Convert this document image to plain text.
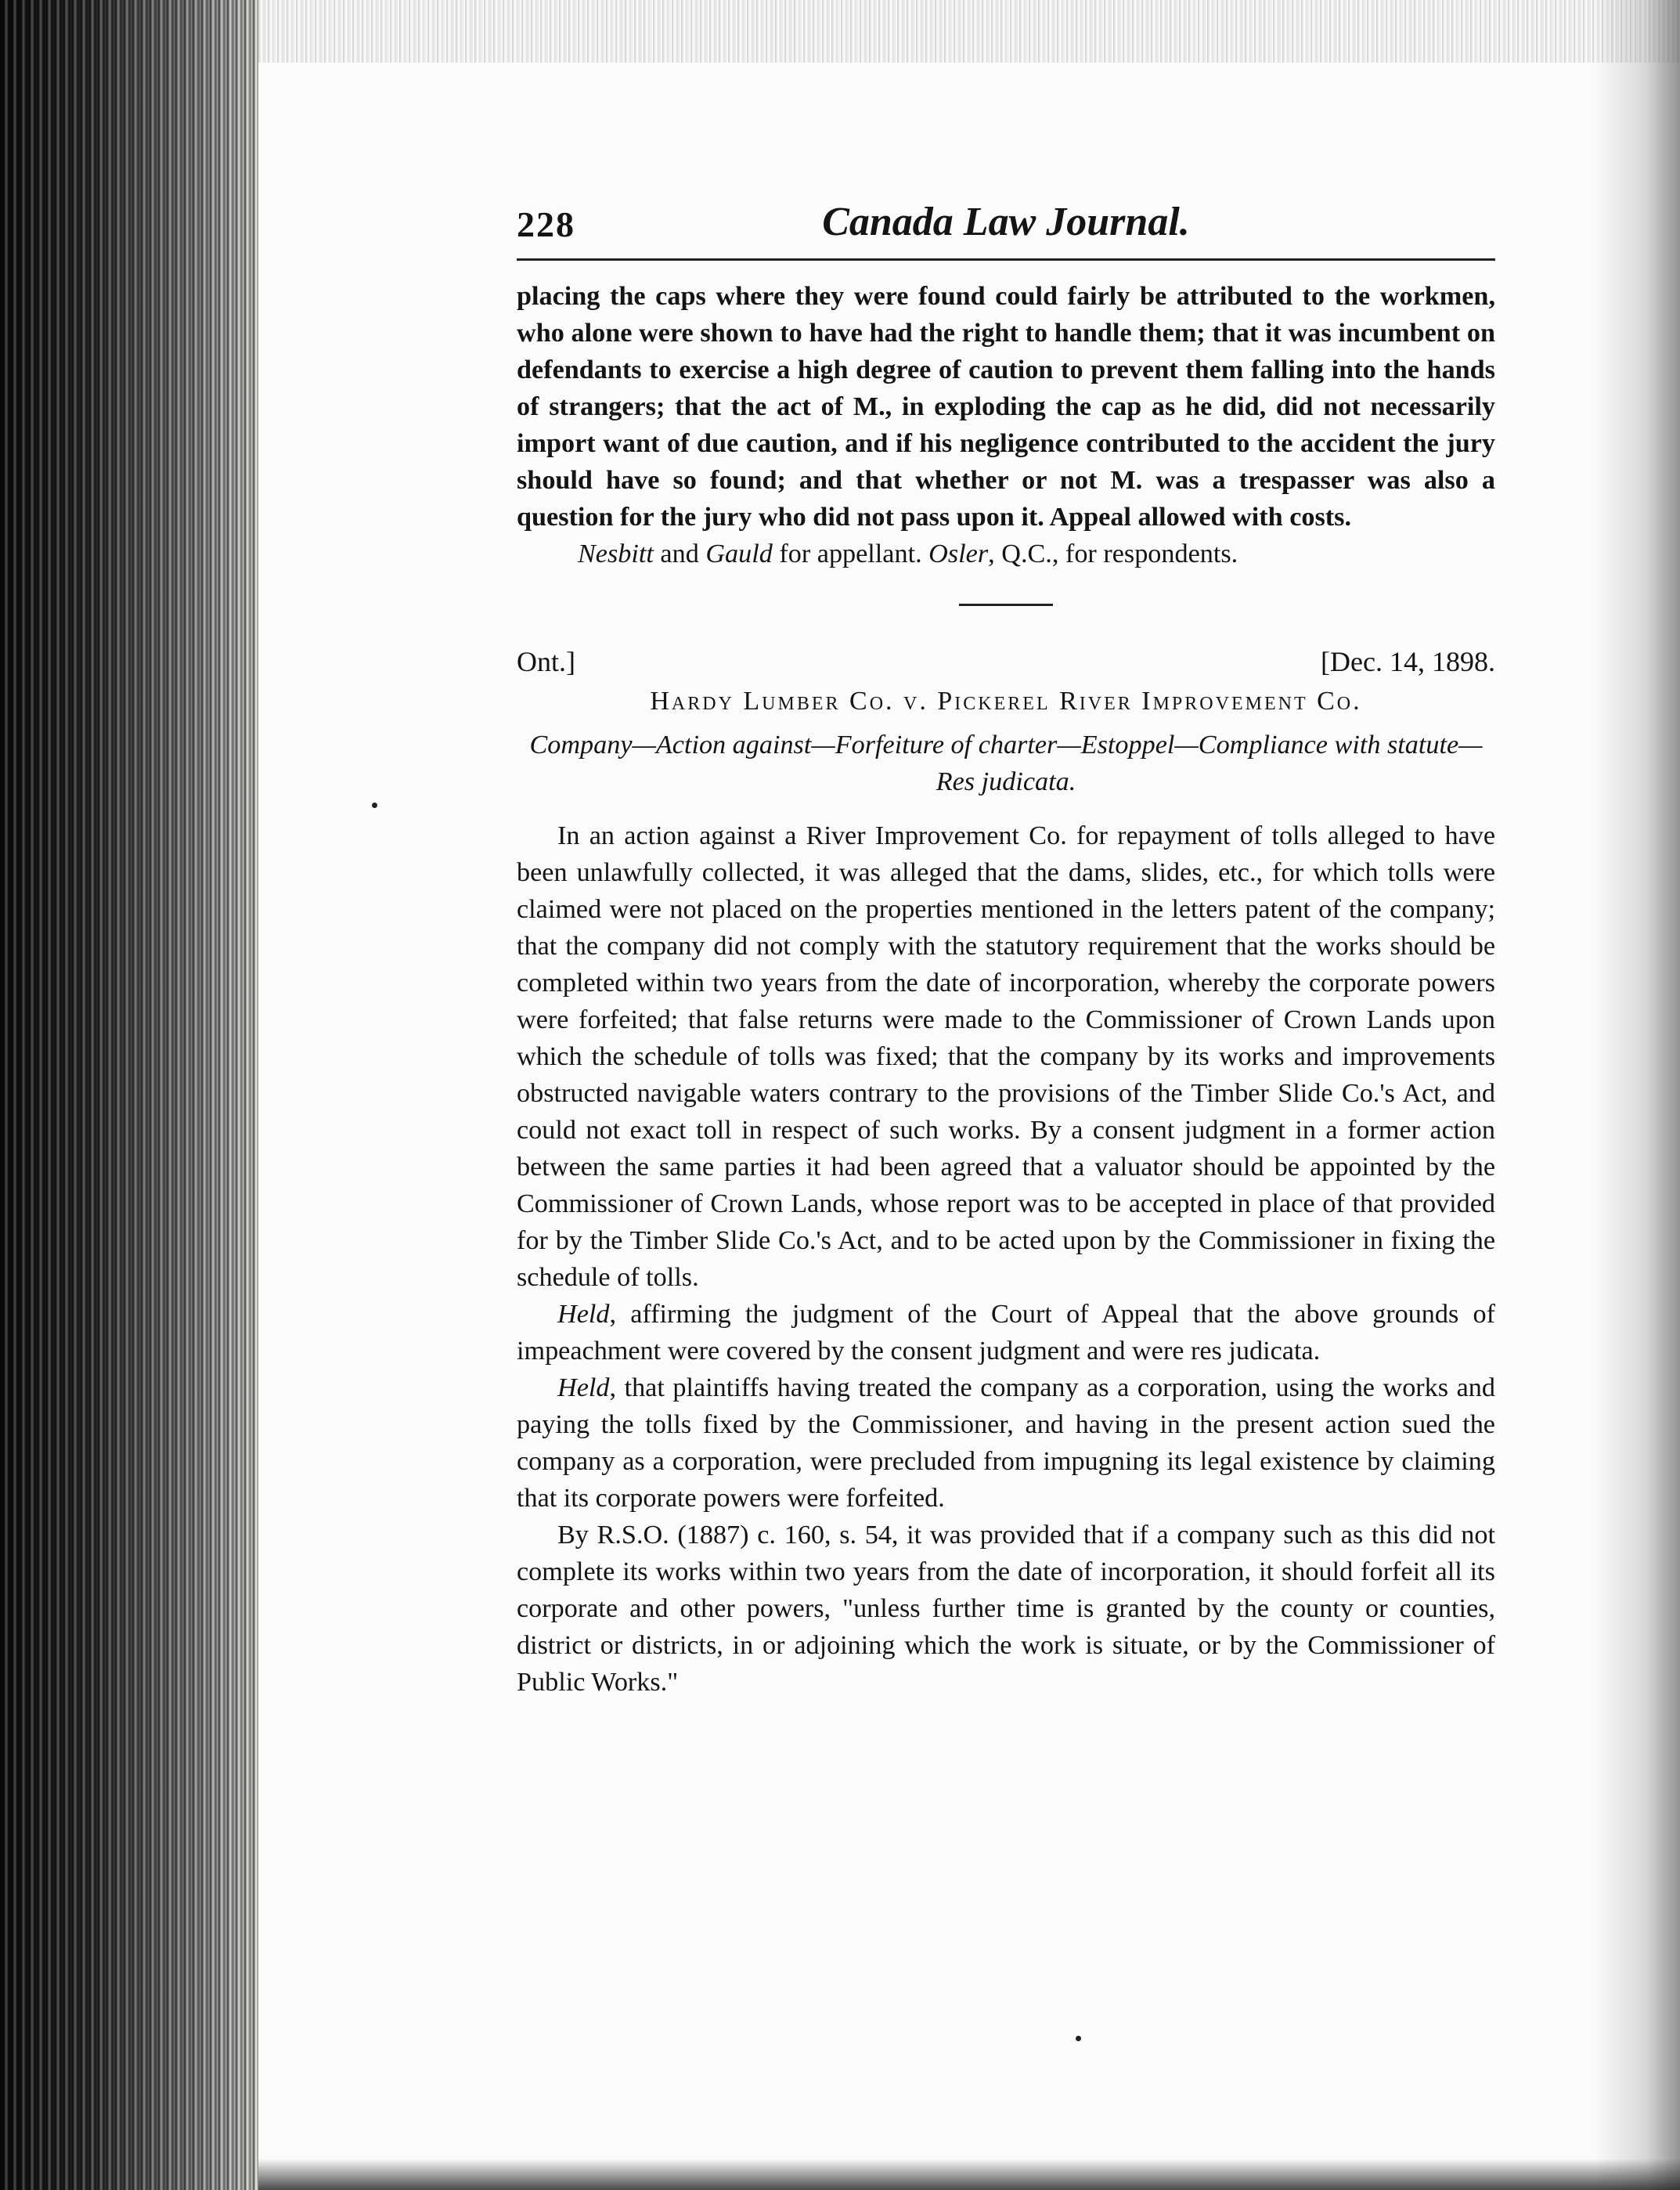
228	Canada Law Journal.

placing the caps where they were found could fairly be attributed to the workmen, who alone were shown to have had the right to handle them; that it was incumbent on defendants to exercise a high degree of caution to prevent them falling into the hands of strangers; that the act of M., in exploding the cap as he did, did not necessarily import want of due caution, and if his negligence contributed to the accident the jury should have so found; and that whether or not M. was a trespasser was also a question for the jury who did not pass upon it. Appeal allowed with costs.

Nesbitt and Gauld for appellant. Osler, Q.C., for respondents.

Ont.]	[Dec. 14, 1898.
Hardy Lumber Co. v. Pickerel River Improvement Co.
Company—Action against—Forfeiture of charter—Estoppel—Compliance with statute—Res judicata.

In an action against a River Improvement Co. for repayment of tolls alleged to have been unlawfully collected, it was alleged that the dams, slides, etc., for which tolls were claimed were not placed on the properties mentioned in the letters patent of the company; that the company did not comply with the statutory requirement that the works should be completed within two years from the date of incorporation, whereby the corporate powers were forfeited; that false returns were made to the Commissioner of Crown Lands upon which the schedule of tolls was fixed; that the company by its works and improvements obstructed navigable waters contrary to the provisions of the Timber Slide Co.'s Act, and could not exact toll in respect of such works. By a consent judgment in a former action between the same parties it had been agreed that a valuator should be appointed by the Commissioner of Crown Lands, whose report was to be accepted in place of that provided for by the Timber Slide Co.'s Act, and to be acted upon by the Commissioner in fixing the schedule of tolls.

Held, affirming the judgment of the Court of Appeal that the above grounds of impeachment were covered by the consent judgment and were res judicata.

Held, that plaintiffs having treated the company as a corporation, using the works and paying the tolls fixed by the Commissioner, and having in the present action sued the company as a corporation, were precluded from impugning its legal existence by claiming that its corporate powers were forfeited.

By R.S.O. (1887) c. 160, s. 54, it was provided that if a company such as this did not complete its works within two years from the date of incorporation, it should forfeit all its corporate and other powers, "unless further time is granted by the county or counties, district or districts, in or adjoining which the work is situate, or by the Commissioner of Public Works."
